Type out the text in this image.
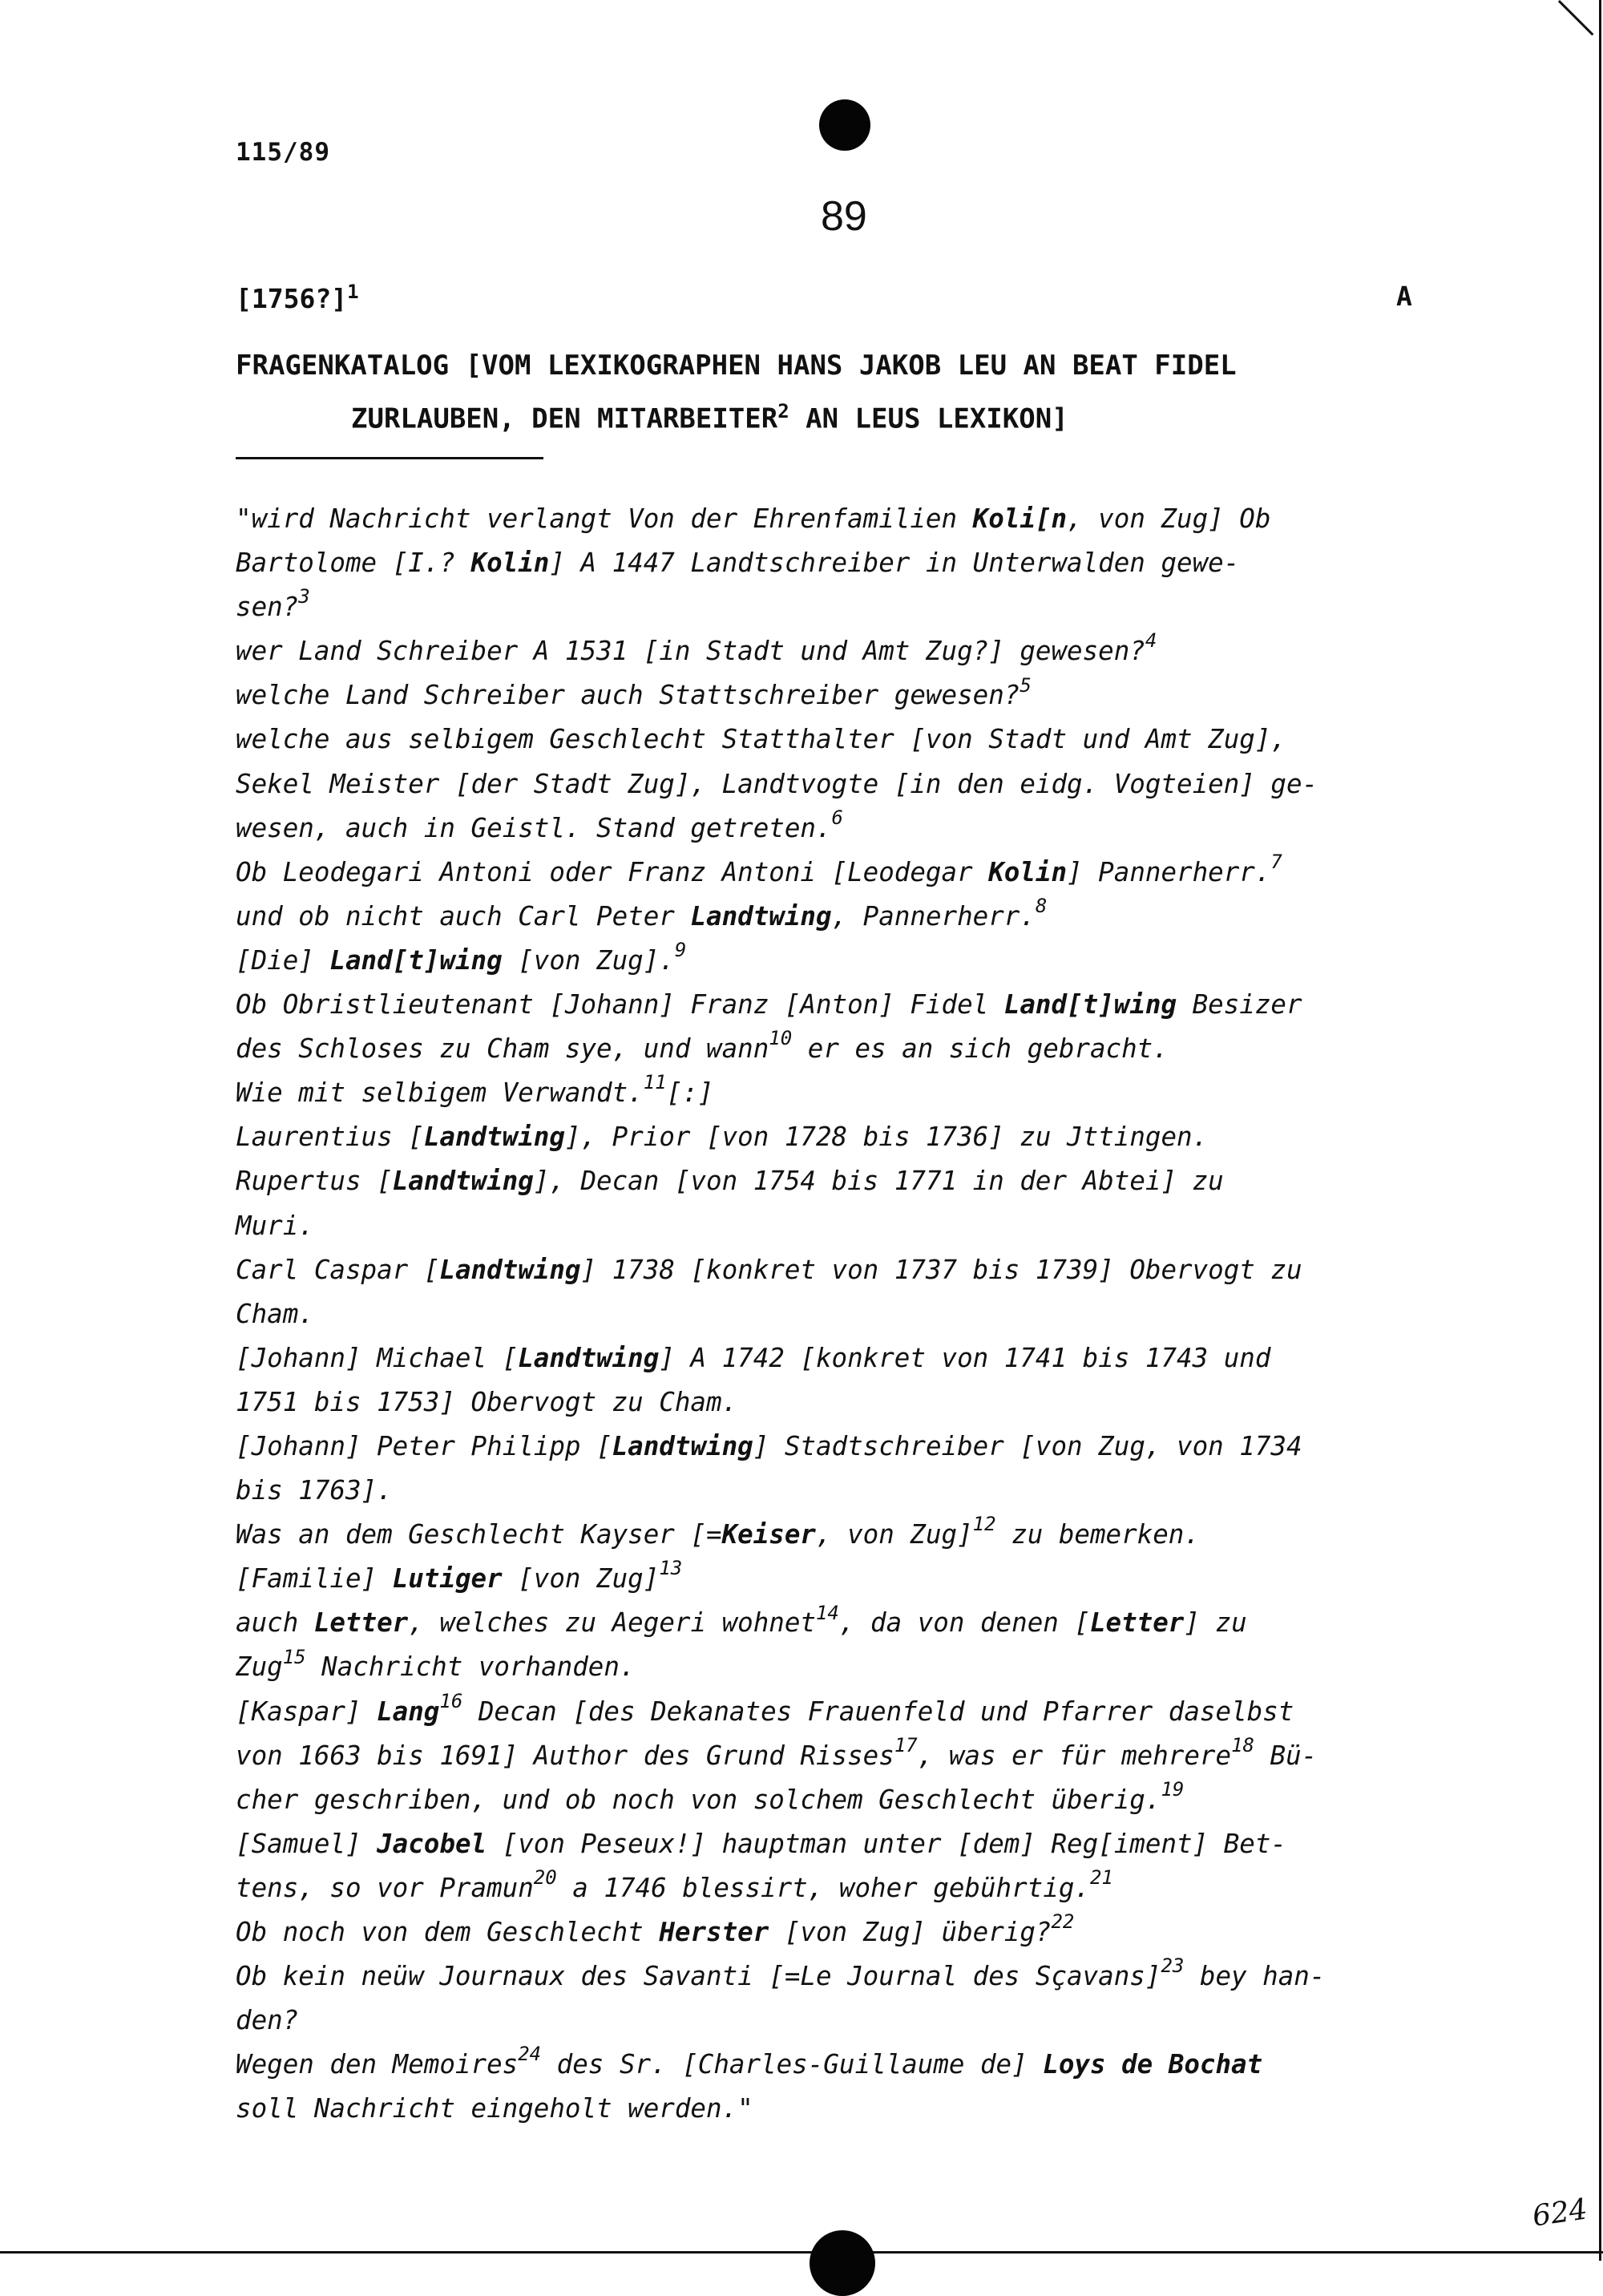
115/89
89
[1756?]$^1$	A
FRAGENKATALOG [VOM LEXIKOGRAPHEN HANS JAKOB LEU AN BEAT FIDEL
ZURLAUBEN, DEN MITARBEITER$^2$ AN LEUS LEXIKON]
"wird Nachricht verlangt Von der Ehrenfamilien Koli[n, von Zug] Ob
Bartolome [I.? Kolin] A 1447 Landtschreiber in Unterwalden gewe-
sen?$^3$
wer Land Schreiber A 1531 [in Stadt und Amt Zug?] gewesen?$^4$
welche Land Schreiber auch Stattschreiber gewesen?$^5$
welche aus selbigem Geschlecht Statthalter [von Stadt und Amt Zug],
Sekel Meister [der Stadt Zug], Landtvogte [in den eidg. Vogteien] ge-
wesen, auch in Geistl. Stand getreten.$^6$
Ob Leodegari Antoni oder Franz Antoni [Leodegar Kolin] Pannerherr.$^7$
und ob nicht auch Carl Peter Landtwing, Pannerherr.$^8$
[Die] Land[t]wing [von Zug].$^9$
Ob Obristlieutenant [Johann] Franz [Anton] Fidel Land[t]wing Besizer
des Schloses zu Cham sye, und wann$^{10}$ er es an sich gebracht.
Wie mit selbigem Verwandt.$^{11}$[:]
Laurentius [Landtwing], Prior [von 1728 bis 1736] zu Jttingen.
Rupertus [Landtwing], Decan [von 1754 bis 1771 in der Abtei] zu
Muri.
Carl Caspar [Landtwing] 1738 [konkret von 1737 bis 1739] Obervogt zu
Cham.
[Johann] Michael [Landtwing] A 1742 [konkret von 1741 bis 1743 und
1751 bis 1753] Obervogt zu Cham.
[Johann] Peter Philipp [Landtwing] Stadtschreiber [von Zug, von 1734
bis 1763].
Was an dem Geschlecht Kayser [=Keiser, von Zug]$^{12}$ zu bemerken.
[Familie] Lutiger [von Zug]$^{13}$
auch Letter, welches zu Aegeri wohnet$^{14}$, da von denen [Letter] zu
Zug$^{15}$ Nachricht vorhanden.
[Kaspar] Lang$^{16}$ Decan [des Dekanates Frauenfeld und Pfarrer daselbst
von 1663 bis 1691] Author des Grund Risses$^{17}$, was er für mehrere$^{18}$ Bü-
cher geschriben, und ob noch von solchem Geschlecht überig.$^{19}$
[Samuel] Jacobel [von Peseux!] hauptman unter [dem] Reg[iment] Bet-
tens, so vor Pramun$^{20}$ a 1746 blessirt, woher gebührtig.$^{21}$
Ob noch von dem Geschlecht Herster [von Zug] überig?$^{22}$
Ob kein neüw Journaux des Savanti [=Le Journal des Sçavans]$^{23}$ bey han-
den?
Wegen den Memoires$^{24}$ des Sr. [Charles-Guillaume de] Loys de Bochat
soll Nachricht eingeholt werden."
624
